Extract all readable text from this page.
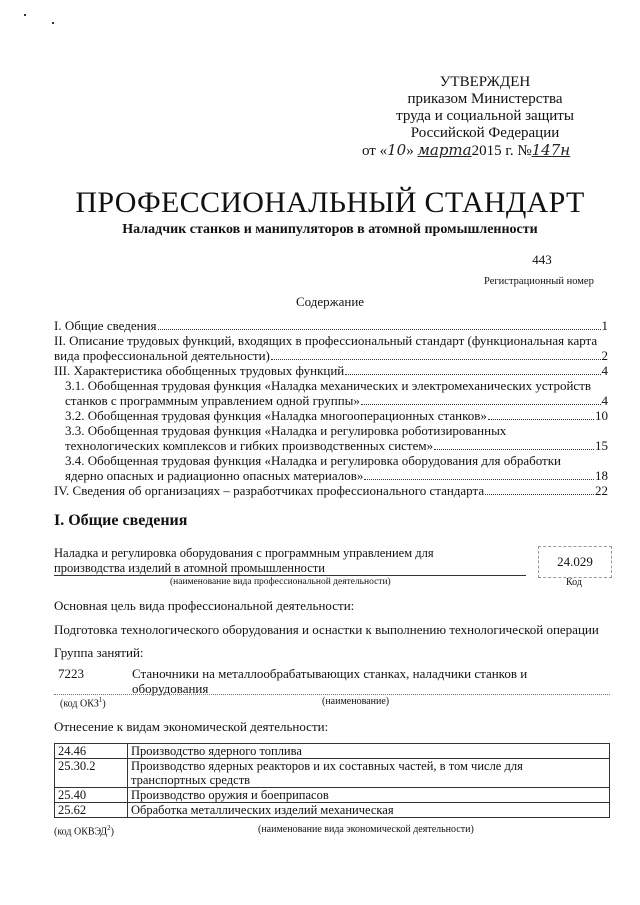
УТВЕРЖДЕН
приказом Министерства
труда и социальной защиты
Российской Федерации
от «10» марта2015 г. №147н
ПРОФЕССИОНАЛЬНЫЙ СТАНДАРТ
Наладчик станков и манипуляторов в атомной промышленности
443
Регистрационный номер
Содержание
I. Общие сведения	1
II. Описание трудовых функций, входящих в профессиональный стандарт (функциональная карта
вида профессиональной деятельности)	2
III. Характеристика обобщенных трудовых функций	4
3.1. Обобщенная трудовая функция «Наладка механических и электромеханических устройств
станков с программным управлением одной группы»	4
3.2. Обобщенная трудовая функция «Наладка многооперационных станков»	10
3.3. Обобщенная трудовая функция «Наладка и регулировка роботизированных
технологических комплексов и гибких производственных систем»	15
3.4. Обобщенная трудовая функция «Наладка и регулировка оборудования для обработки
ядерно опасных и радиационно опасных материалов»	18
IV. Сведения об организациях – разработчиках профессионального стандарта	22
I. Общие сведения
Наладка и регулировка оборудования с программным управлением для
производства изделий в атомной промышленности
(наименование вида профессиональной деятельности)
24.029
Код
Основная цель вида профессиональной деятельности:
Подготовка технологического оборудования и оснастки к выполнению технологической операции
Группа занятий:
7223	Станочники на металлообрабатывающих станках, наладчики станков и оборудования
(код ОКЗ$^1$)	(наименование)
Отнесение к видам экономической деятельности:
24.46	Производство ядерного топлива
25.30.2	Производство ядерных реакторов и их составных частей, в том числе для транспортных средств
25.40	Производство оружия и боеприпасов
25.62	Обработка металлических изделий механическая
(код ОКВЭД$^2$)	(наименование вида экономической деятельности)
